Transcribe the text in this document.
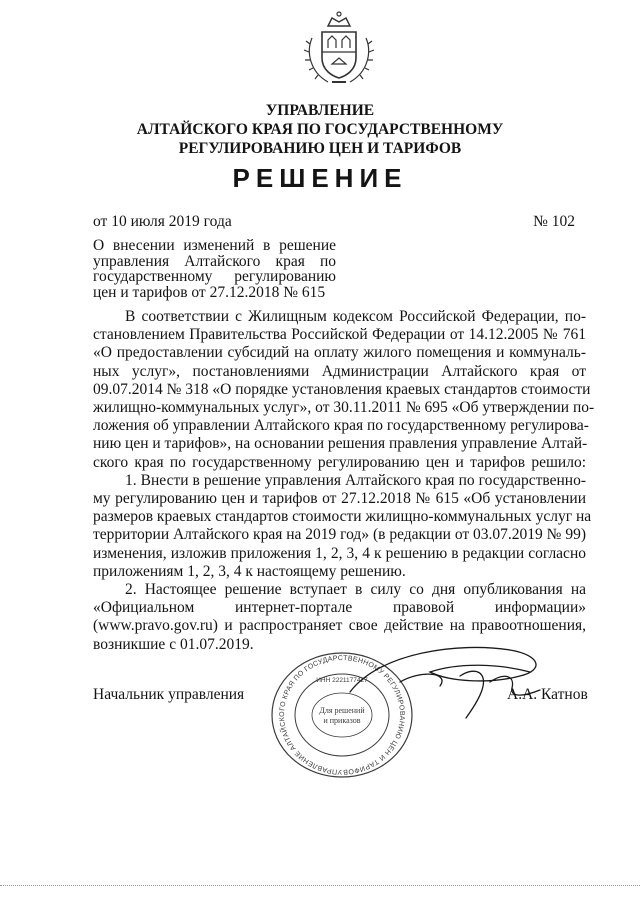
УПРАВЛЕНИЕ
АЛТАЙСКОГО КРАЯ ПО ГОСУДАРСТВЕННОМУ
РЕГУЛИРОВАНИЮ ЦЕН И ТАРИФОВ
РЕШЕНИЕ
от 10 июля 2019 года	№ 102
О внесении изменений в решение
управления Алтайского края по
государственному регулированию
цен и тарифов от 27.12.2018 № 615
В соответствии с Жилищным кодексом Российской Федерации, по-
становлением Правительства Российской Федерации от 14.12.2005 № 761
«О предоставлении субсидий на оплату жилого помещения и коммуналь-
ных услуг», постановлениями Администрации Алтайского края от
09.07.2014 № 318 «О порядке установления краевых стандартов стоимости
жилищно-коммунальных услуг», от 30.11.2011 № 695 «Об утверждении по-
ложения об управлении Алтайского края по государственному регулирова-
нию цен и тарифов», на основании решения правления управление Алтай-
ского края по государственному регулированию цен и тарифов решило:
1. Внести в решение управления Алтайского края по государственно-
му регулированию цен и тарифов от 27.12.2018 № 615 «Об установлении
размеров краевых стандартов стоимости жилищно-коммунальных услуг на
территории Алтайского края на 2019 год» (в редакции от 03.07.2019 № 99)
изменения, изложив приложения 1, 2, 3, 4 к решению в редакции согласно
приложениям 1, 2, 3, 4 к настоящему решению.
2. Настоящее решение вступает в силу со дня опубликования на
«Официальном интернет-портале правовой информации»
(www.pravo.gov.ru) и распространяет свое действие на правоотношения,
возникшие с 01.07.2019.
УПРАВЛЕНИЕ АЛТАЙСКОГО КРАЯ ПО ГОСУДАРСТВЕННОМУ РЕГУЛИРОВАНИЮ ЦЕН И ТАРИФОВ
ИНН 2221177427
Для решений
и приказов
Начальник управления	А.А. Катнов
